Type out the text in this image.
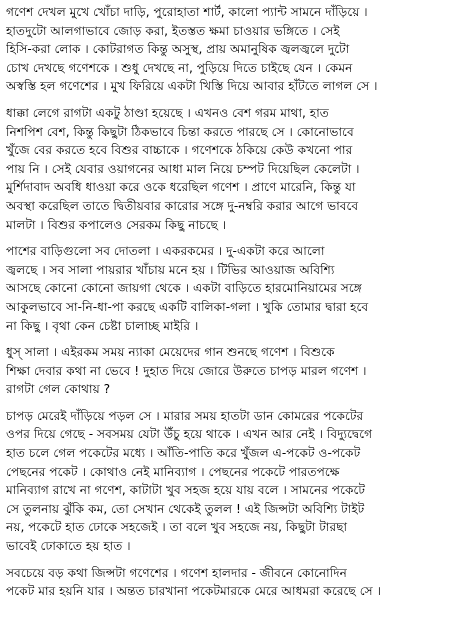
গণেশ দেখল মুখে খোঁচা দাড়ি, পুরোহাতা শার্ট, কালো প্যান্ট সামনে দাঁড়িয়ে ।
হাতদুটো আলগাভাবে জোড় করা, ইতস্তত ক্ষমা চাওয়ার ভঙ্গিতে । সেই
হিসি-করা লোক । কোটরাগত কিন্তু অসুস্থ, প্রায় অমানুষিক জ্বলজ্বলে দুটো
চোখ দেখছে গণেশকে । শুধু দেখছে না, পুড়িয়ে দিতে চাইছে যেন । কেমন
অস্বস্তি হল গণেশের । মুখ ফিরিয়ে একটা খিস্তি দিয়ে আবার হাঁটতে লাগল সে ।
ধাক্কা লেগে রাগটা একটু ঠাণ্ডা হয়েছে । এখনও বেশ গরম মাথা, হাত
নিশপিশ বেশ, কিন্তু কিছুটা ঠিকভাবে চিন্তা করতে পারছে সে । কোনোভাবে
খুঁজে বের করতে হবে বিশুর বাচ্চাকে । গণেশকে ঠকিয়ে কেউ কখনো পার
পায় নি । সেই যেবার ওয়াগনের আধা মাল নিয়ে চম্পট দিয়েছিল কেলেটা ।
মুর্শিদাবাদ অবধি ধাওয়া করে ওকে ধরেছিল গণেশ । প্রাণে মারেনি, কিন্তু যা
অবস্থা করেছিল তাতে দ্বিতীয়বার কারোর সঙ্গে দু-নম্বরি করার আগে ভাববে
মালটা । বিশুর কপালেও সেরকম কিছু নাচছে ।
পাশের বাড়িগুলো সব দোতলা । একরকমের । দু-একটা করে আলো
জ্বলছে । সব সালা পায়রার খাঁচায় মনে হয় । টিভির আওয়াজ অবিশ্যি
আসছে কোনো কোনো জায়গা থেকে । একটা বাড়িতে হারমোনিয়ামের সঙ্গে
আকুলভাবে সা-নি-ধা-পা করছে একটি বালিকা-গলা । খুকি তোমার দ্বারা হবে
না কিছু । বৃথা কেন চেষ্টা চালাচ্ছ মাইরি ।
ধুস্ সালা । এইরকম সময় ন্যাকা মেয়েদের গান শুনছে গণেশ । বিশুকে
শিক্ষা দেবার কথা না ভেবে ! দুহাত দিয়ে জোরে উরুতে চাপড় মারল গণেশ ।
রাগটা গেল কোথায় ?
চাপড় মেরেই দাঁড়িয়ে পড়ল সে । মারার সময় হাতটা ডান কোমরের পকেটের
ওপর দিয়ে গেছে - সবসময় যেটা উঁচু হয়ে থাকে । এখন আর নেই । বিদ্যুদ্বেগে
হাত চলে গেল পকেটের মধ্যে । আঁতি-পাতি করে খুঁজল এ-পকেট ও-পকেট
পেছনের পকেট । কোথাও নেই মানিব্যাগ । পেছনের পকেটে পারতপক্ষে
মানিব্যাগ রাখে না গণেশ, কাটাটা খুব সহজ হয়ে যায় বলে । সামনের পকেটে
সে তুলনায় ঝুঁকি কম, তো সেখান থেকেই তুলল ! এই জিন্সটা অবিশ্যি টাইট
নয়, পকেটে হাত ঢোকে সহজেই । তা বলে খুব সহজে নয়, কিছুটা টারছা
ভাবেই ঢোকাতে হয় হাত ।
সবচেয়ে বড় কথা জিন্সটা গণেশের । গণেশ হালদার - জীবনে কোনোদিন
পকেট মার হয়নি যার । অন্তত চারখানা পকেটমারকে মেরে আধমরা করেছে সে ।
